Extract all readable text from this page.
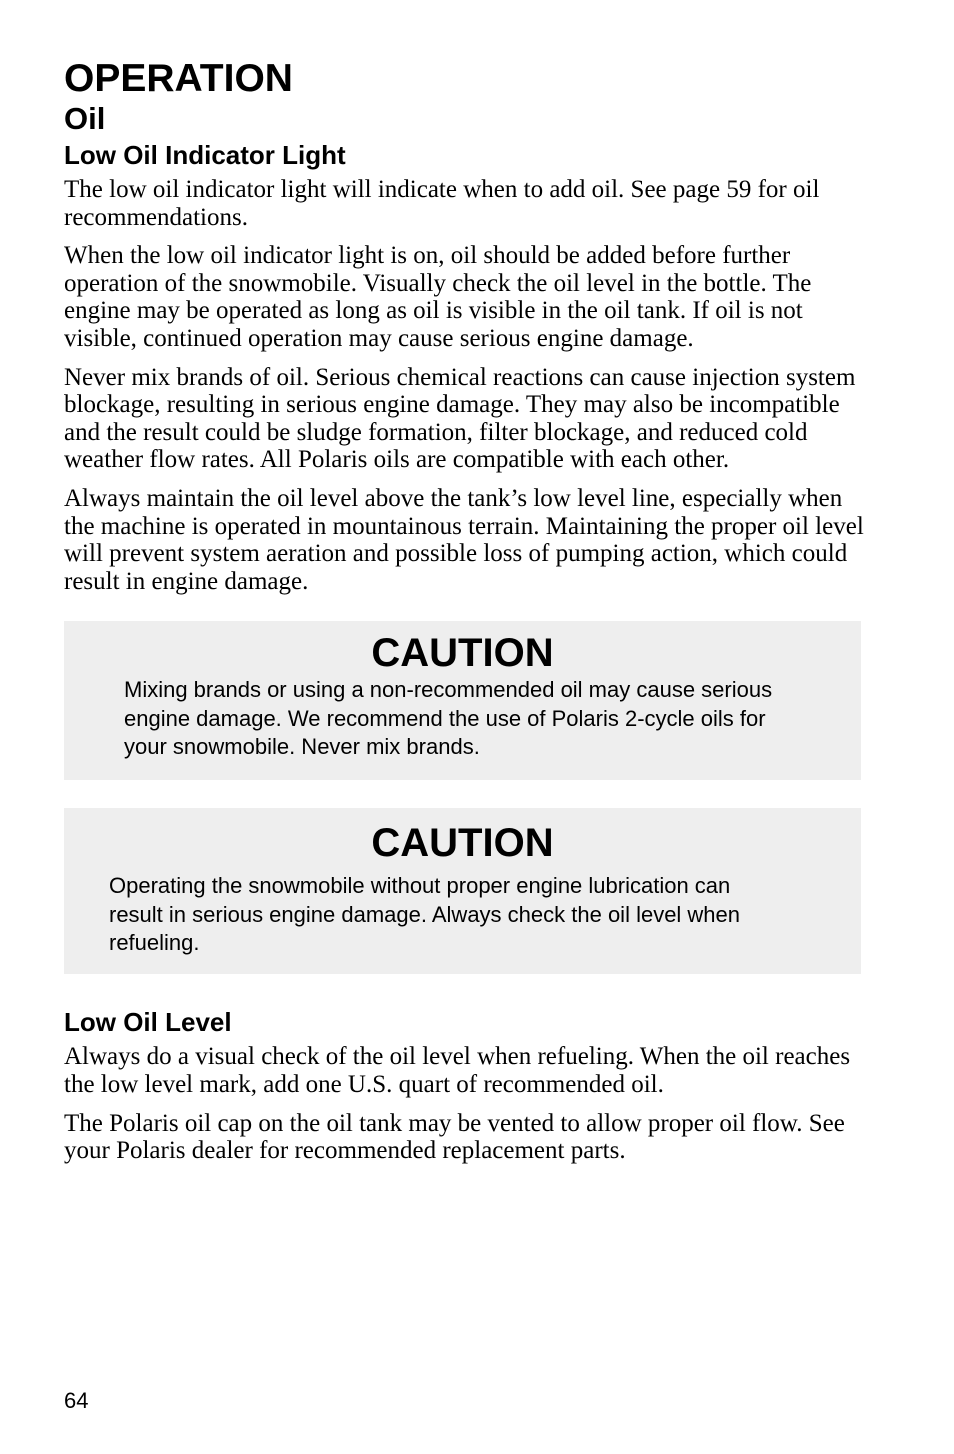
OPERATION
Oil
Low Oil Indicator Light

The low oil indicator light will indicate when to add oil. See page 59 for oil recommendations.

When the low oil indicator light is on, oil should be added before further operation of the snowmobile. Visually check the oil level in the bottle. The engine may be operated as long as oil is visible in the oil tank. If oil is not visible, continued operation may cause serious engine damage.

Never mix brands of oil. Serious chemical reactions can cause injection system blockage, resulting in serious engine damage. They may also be incompatible and the result could be sludge formation, filter blockage, and reduced cold weather flow rates. All Polaris oils are compatible with each other.

Always maintain the oil level above the tank’s low level line, especially when the machine is operated in mountainous terrain. Maintaining the proper oil level will prevent system aeration and possible loss of pumping action, which could result in engine damage.

CAUTION

Mixing brands or using a non-recommended oil may cause serious engine damage. We recommend the use of Polaris 2-cycle oils for your snowmobile. Never mix brands.

CAUTION

Operating the snowmobile without proper engine lubrication can result in serious engine damage. Always check the oil level when refueling.

Low Oil Level

Always do a visual check of the oil level when refueling. When the oil reaches the low level mark, add one U.S. quart of recommended oil.

The Polaris oil cap on the oil tank may be vented to allow proper oil flow. See your Polaris dealer for recommended replacement parts.

64
